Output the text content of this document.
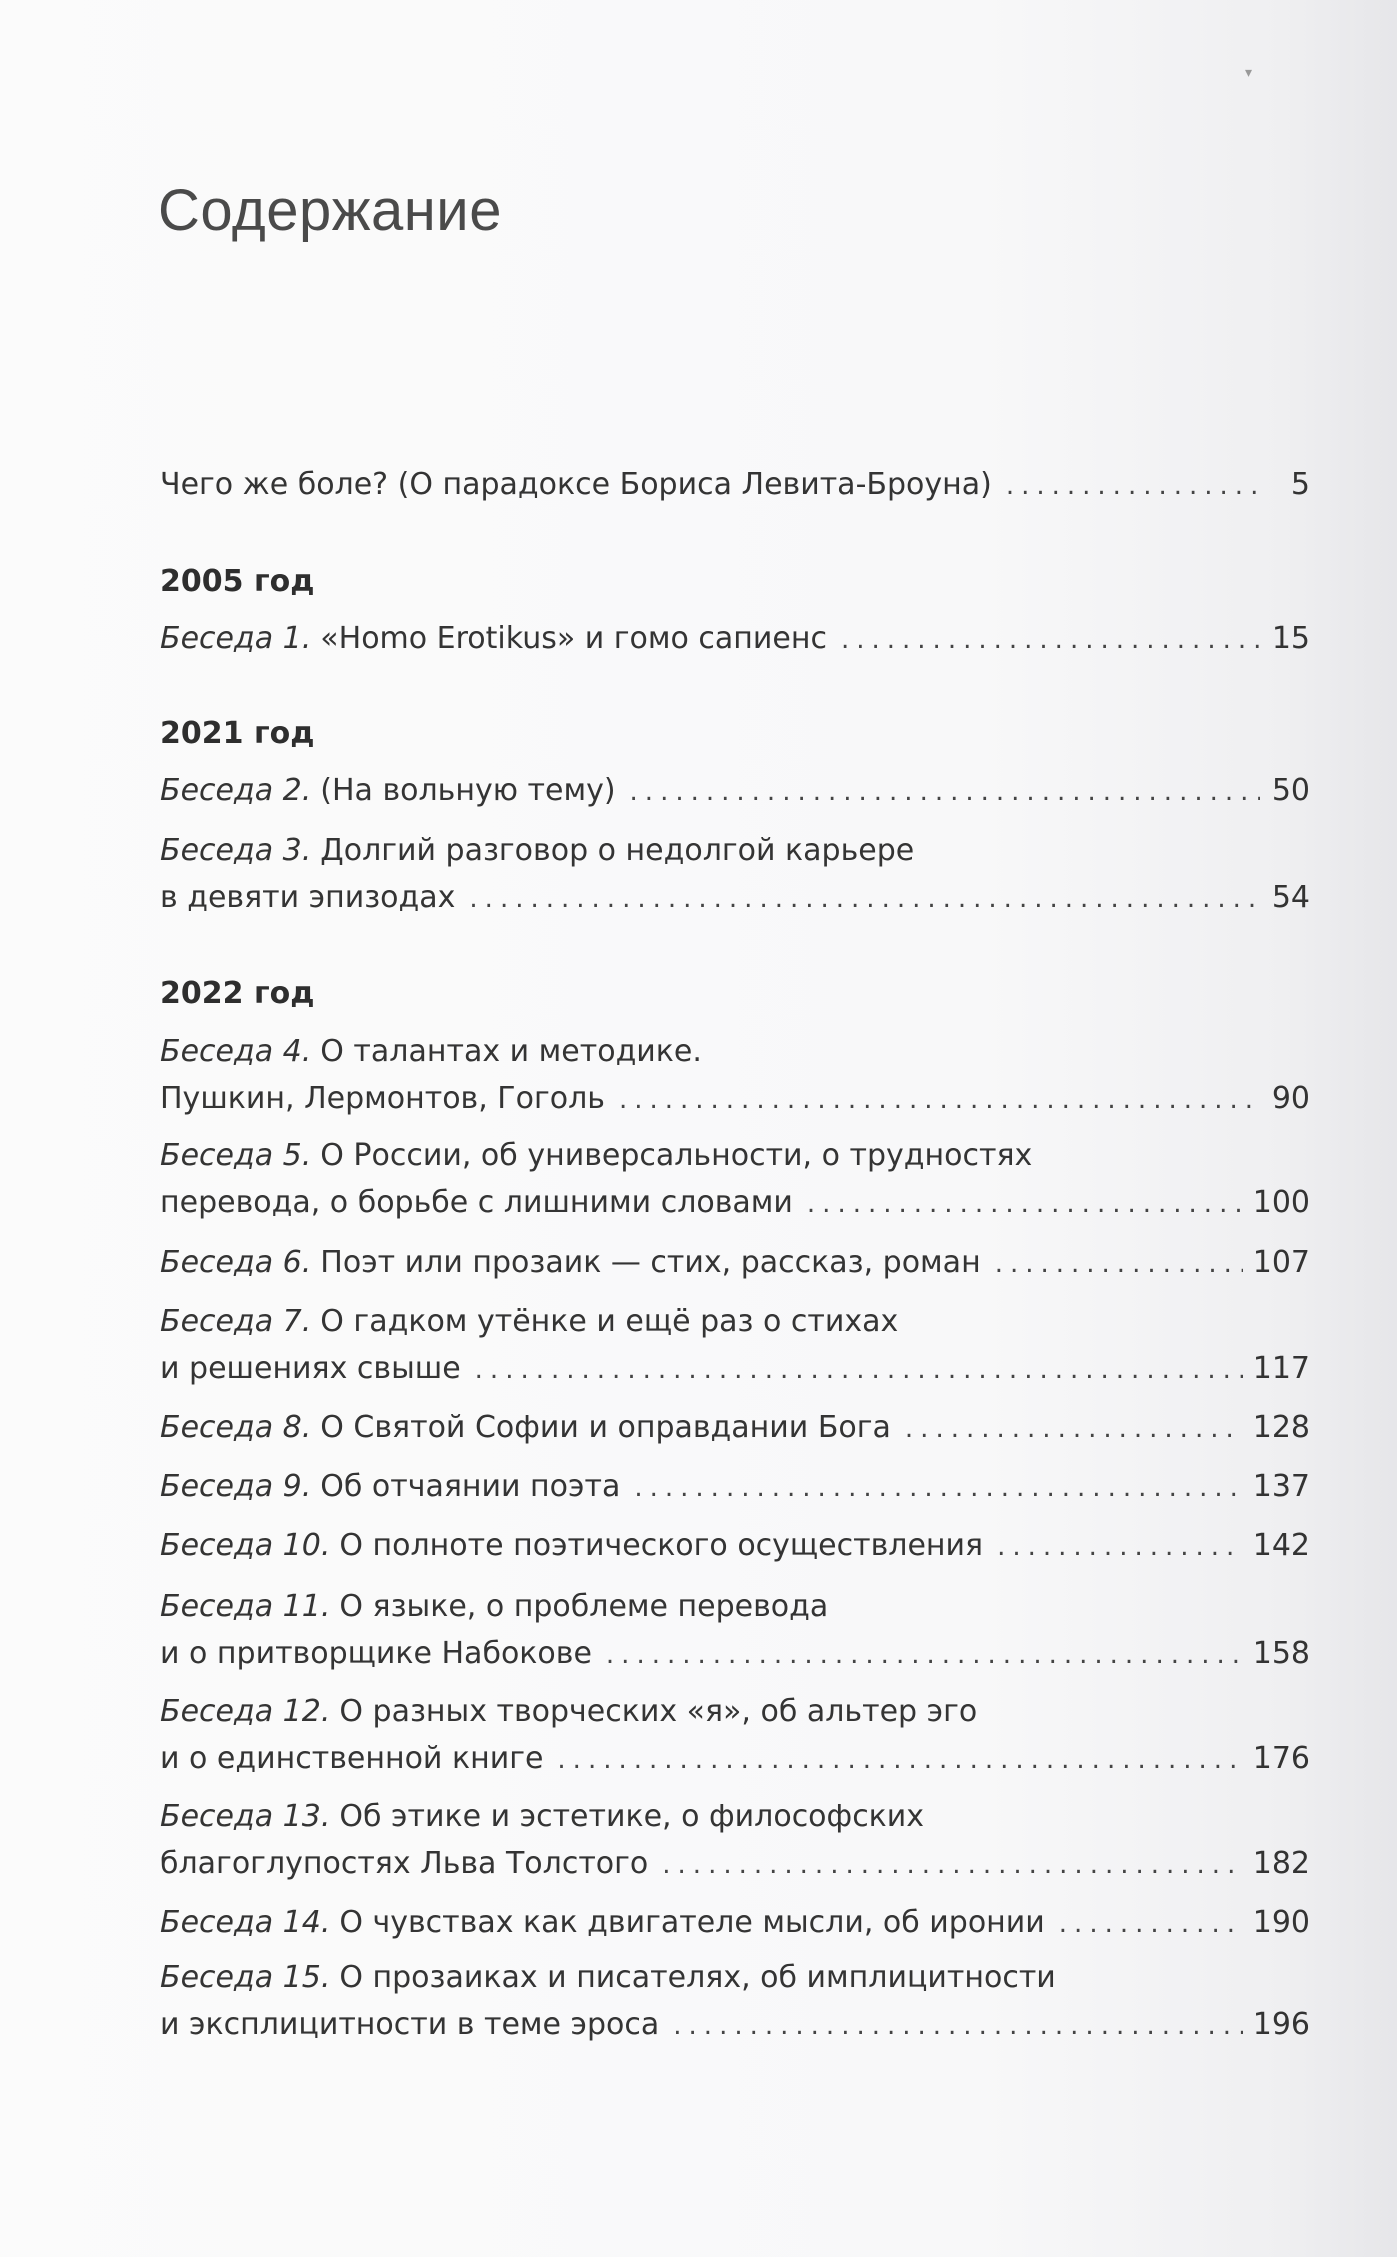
▾
Содержание
Чего же боле? (О парадоксе Бориса Левита-Броуна) .....	5
2005 год
Беседа 1. «Homo Erotikus» и гомо сапиенс .....	15
2021 год
Беседа 2. (На вольную тему) .....	50
Беседа 3. Долгий разговор о недолгой карьере
в девяти эпизодах .....	54
2022 год
Беседа 4. О талантах и методике.
Пушкин, Лермонтов, Гоголь .....	90
Беседа 5. О России, об универсальности, о трудностях
перевода, о борьбе с лишними словами .....	100
Беседа 6. Поэт или прозаик — стих, рассказ, роман .....	107
Беседа 7. О гадком утёнке и ещё раз о стихах
и решениях свыше .....	117
Беседа 8. О Святой Софии и оправдании Бога .....	128
Беседа 9. Об отчаянии поэта .....	137
Беседа 10. О полноте поэтического осуществления .....	142
Беседа 11. О языке, о проблеме перевода
и о притворщике Набокове .....	158
Беседа 12. О разных творческих «я», об альтер эго
и о единственной книге .....	176
Беседа 13. Об этике и эстетике, о философских
благоглупостях Льва Толстого .....	182
Беседа 14. О чувствах как двигателе мысли, об иронии .....	190
Беседа 15. О прозаиках и писателях, об имплицитности
и эксплицитности в теме эроса .....	196
